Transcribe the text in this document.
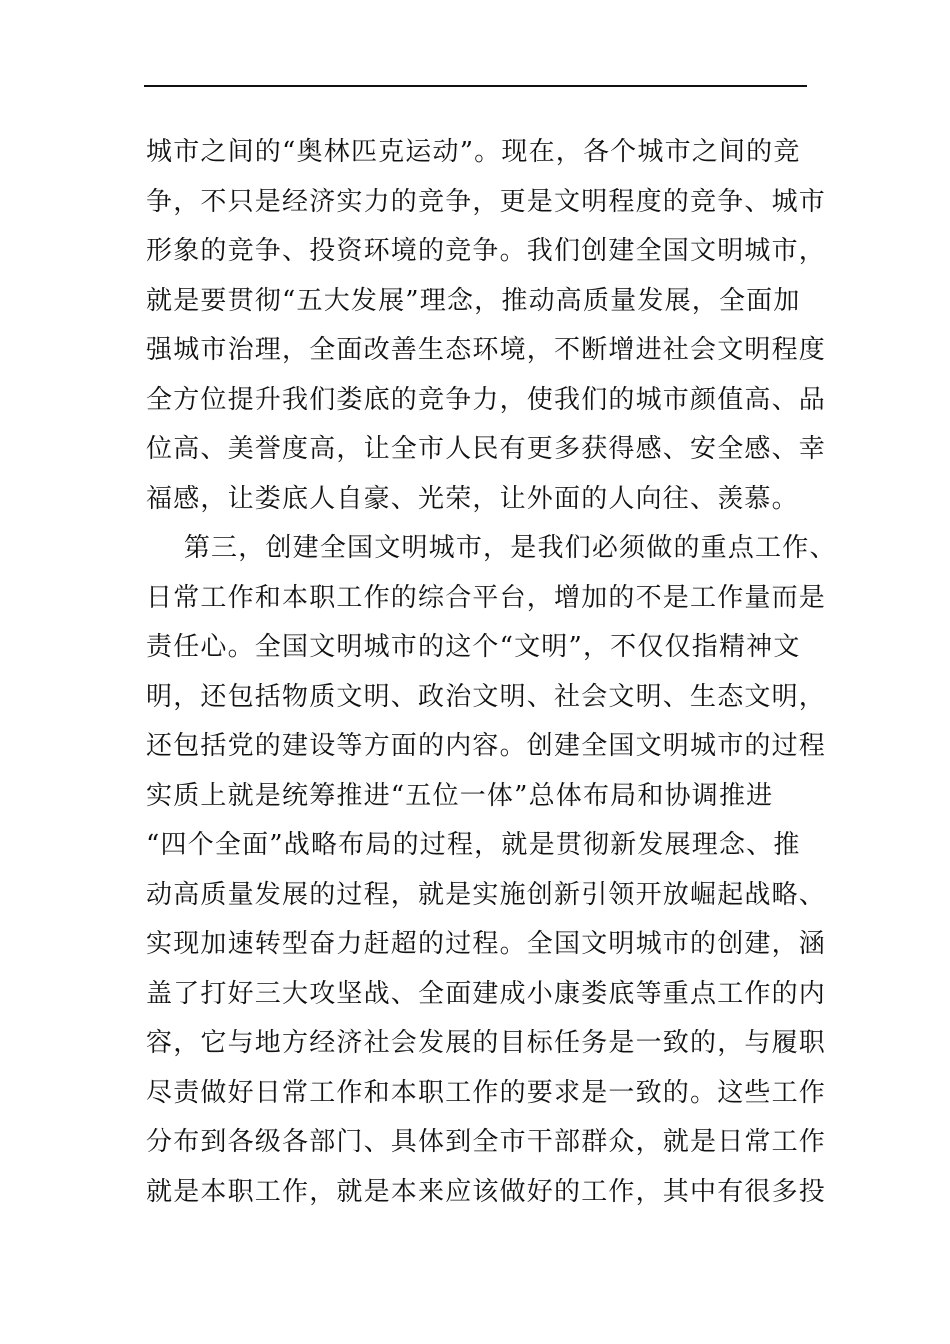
城市之间的“奥林匹克运动”。现在，各个城市之间的竞
争，不只是经济实力的竞争，更是文明程度的竞争、城市
形象的竞争、投资环境的竞争。我们创建全国文明城市，
就是要贯彻“五大发展”理念，推动高质量发展，全面加
强城市治理，全面改善生态环境，不断增进社会文明程度
全方位提升我们娄底的竞争力，使我们的城市颜值高、品
位高、美誉度高，让全市人民有更多获得感、安全感、幸
福感，让娄底人自豪、光荣，让外面的人向往、羡慕。
第三，创建全国文明城市，是我们必须做的重点工作、
日常工作和本职工作的综合平台，增加的不是工作量而是
责任心。全国文明城市的这个“文明”，不仅仅指精神文
明，还包括物质文明、政治文明、社会文明、生态文明，
还包括党的建设等方面的内容。创建全国文明城市的过程
实质上就是统筹推进“五位一体”总体布局和协调推进
“四个全面”战略布局的过程，就是贯彻新发展理念、推
动高质量发展的过程，就是实施创新引领开放崛起战略、
实现加速转型奋力赶超的过程。全国文明城市的创建，涵
盖了打好三大攻坚战、全面建成小康娄底等重点工作的内
容，它与地方经济社会发展的目标任务是一致的，与履职
尽责做好日常工作和本职工作的要求是一致的。这些工作
分布到各级各部门、具体到全市干部群众，就是日常工作
就是本职工作，就是本来应该做好的工作，其中有很多投
